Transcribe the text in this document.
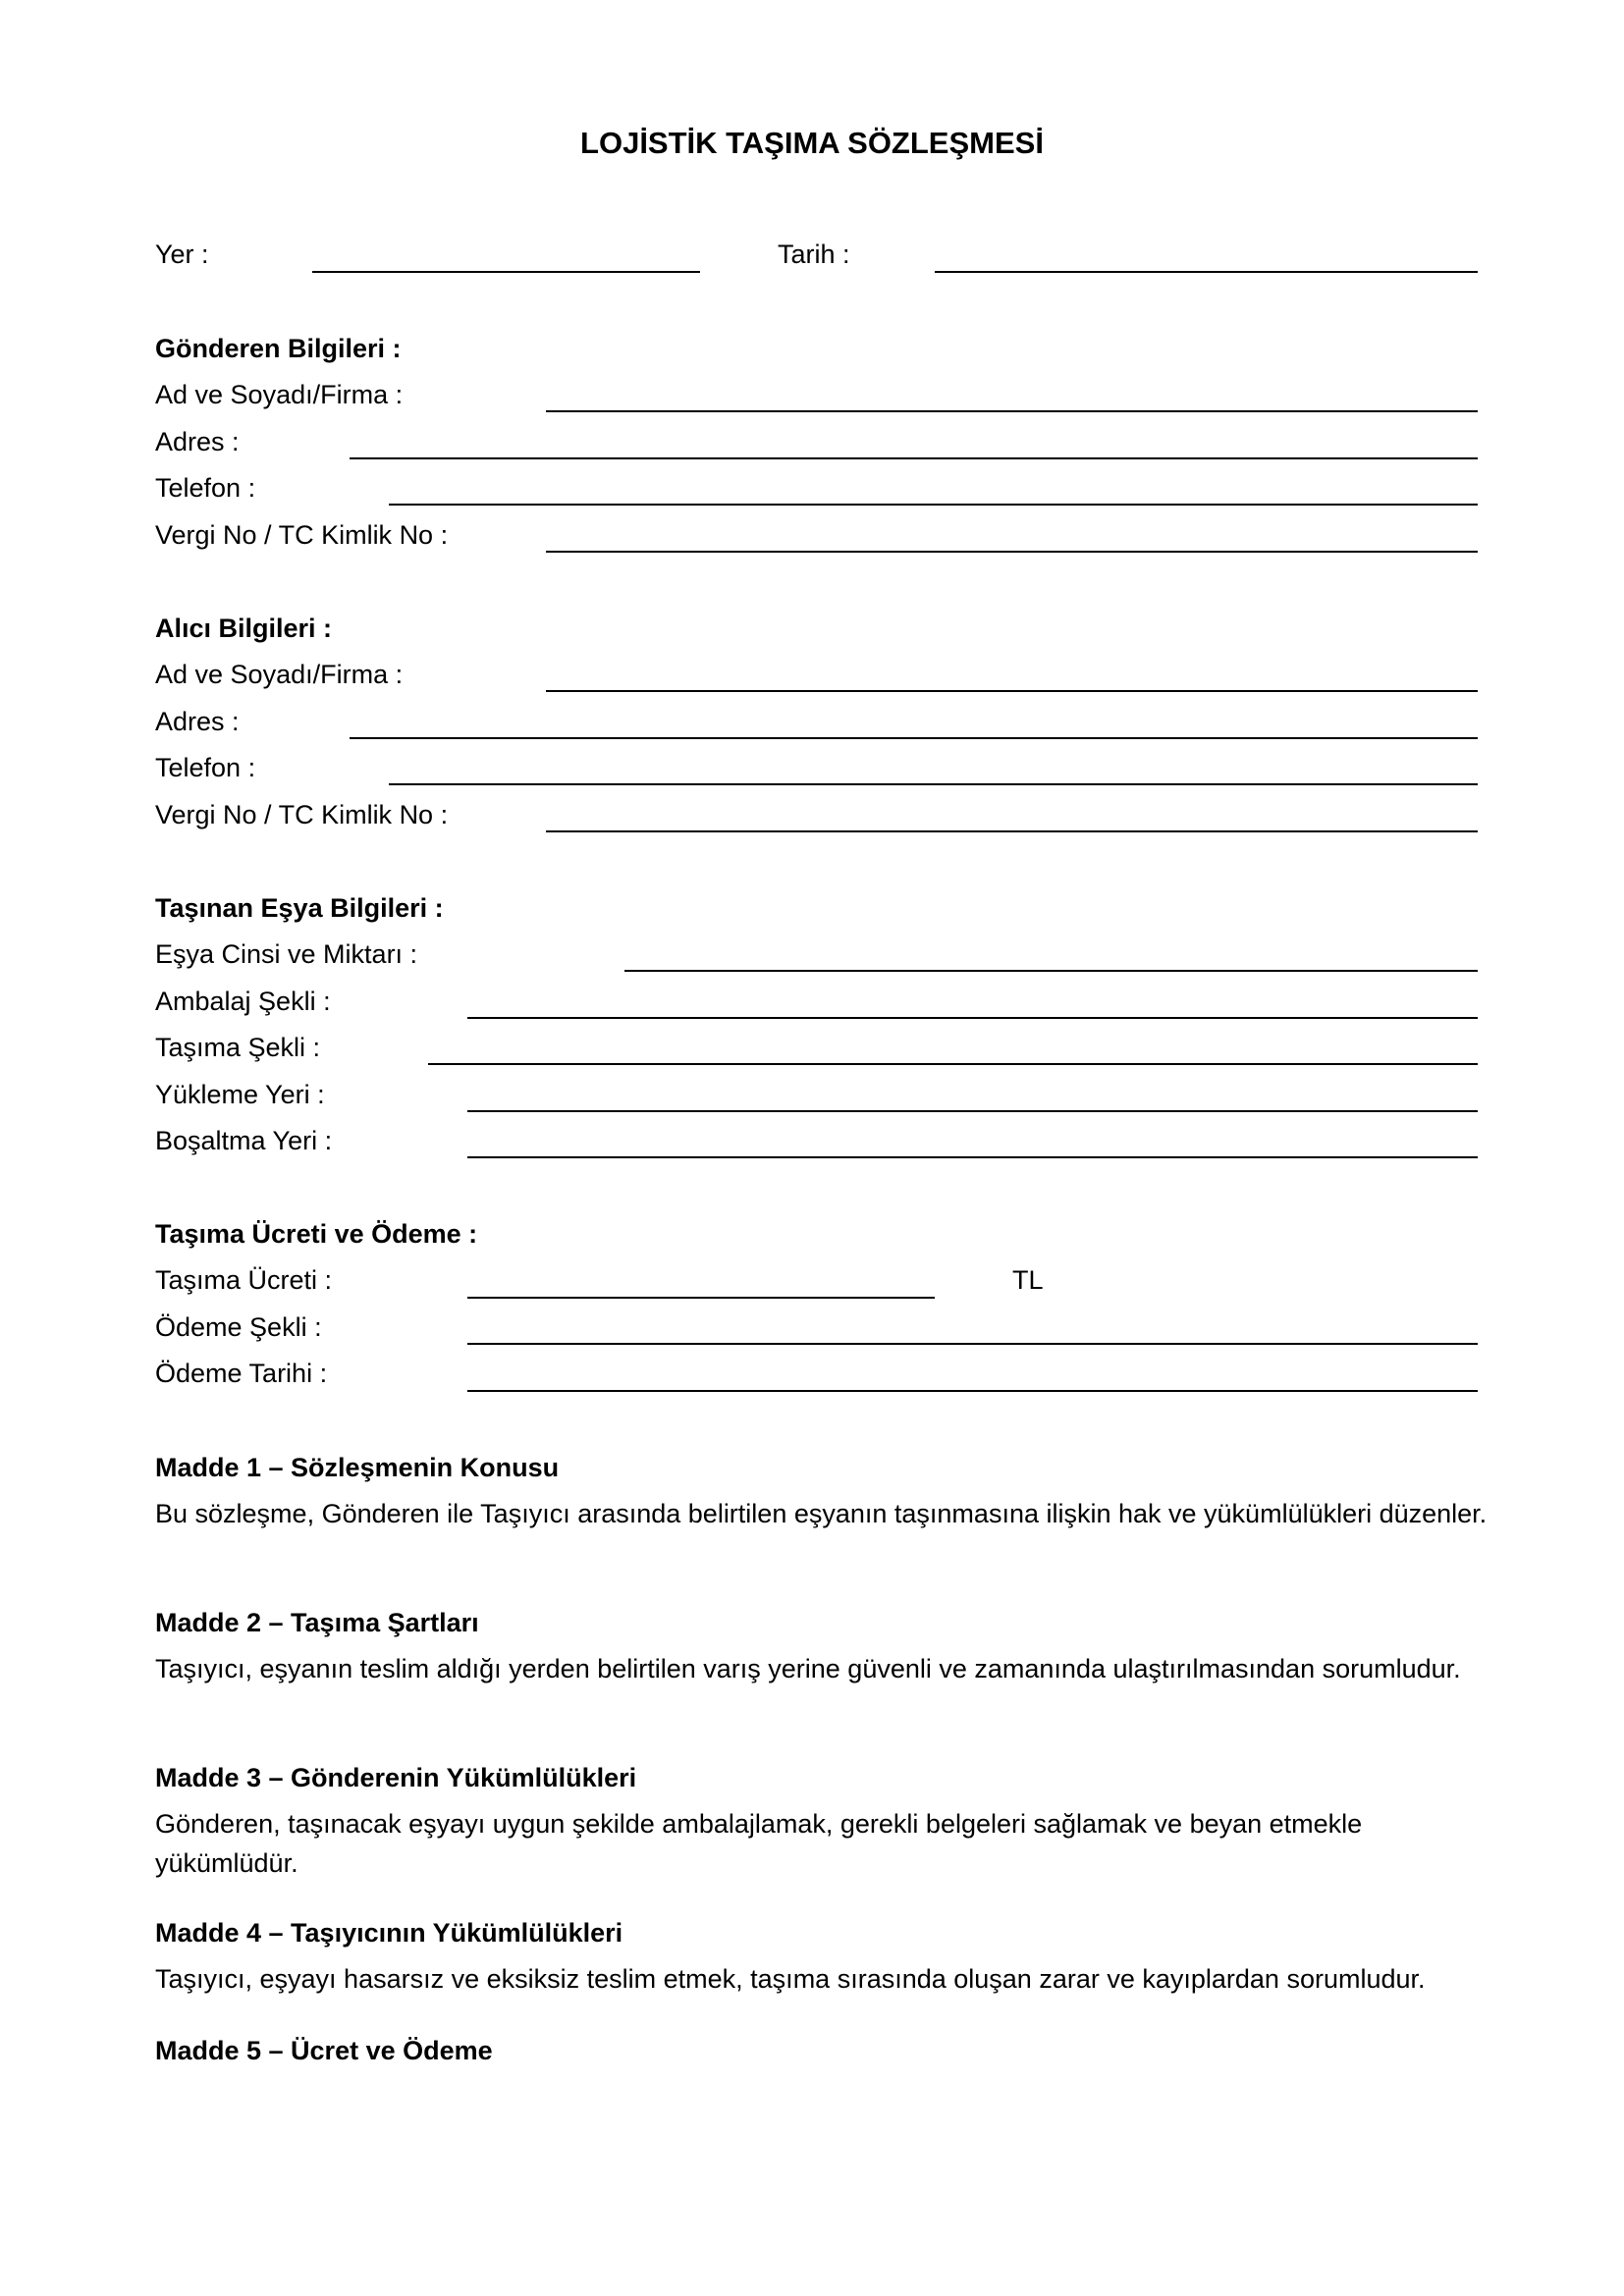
LOJİSTİK TAŞIMA SÖZLEŞMESİ
Yer :	Tarih :
Gönderen Bilgileri :
Ad ve Soyadı/Firma :
Adres :
Telefon :
Vergi No / TC Kimlik No :
Alıcı Bilgileri :
Ad ve Soyadı/Firma :
Adres :
Telefon :
Vergi No / TC Kimlik No :
Taşınan Eşya Bilgileri :
Eşya Cinsi ve Miktarı :
Ambalaj Şekli :
Taşıma Şekli :
Yükleme Yeri :
Boşaltma Yeri :
Taşıma Ücreti ve Ödeme :
Taşıma Ücreti :	TL
Ödeme Şekli :
Ödeme Tarihi :
Madde 1 – Sözleşmenin Konusu
Bu sözleşme, Gönderen ile Taşıyıcı arasında belirtilen eşyanın taşınmasına ilişkin hak ve yükümlülükleri düzenler.
Madde 2 – Taşıma Şartları
Taşıyıcı, eşyanın teslim aldığı yerden belirtilen varış yerine güvenli ve zamanında ulaştırılmasından sorumludur.
Madde 3 – Gönderenin Yükümlülükleri
Gönderen, taşınacak eşyayı uygun şekilde ambalajlamak, gerekli belgeleri sağlamak ve beyan etmekle yükümlüdür.
Madde 4 – Taşıyıcının Yükümlülükleri
Taşıyıcı, eşyayı hasarsız ve eksiksiz teslim etmek, taşıma sırasında oluşan zarar ve kayıplardan sorumludur.
Madde 5 – Ücret ve Ödeme
